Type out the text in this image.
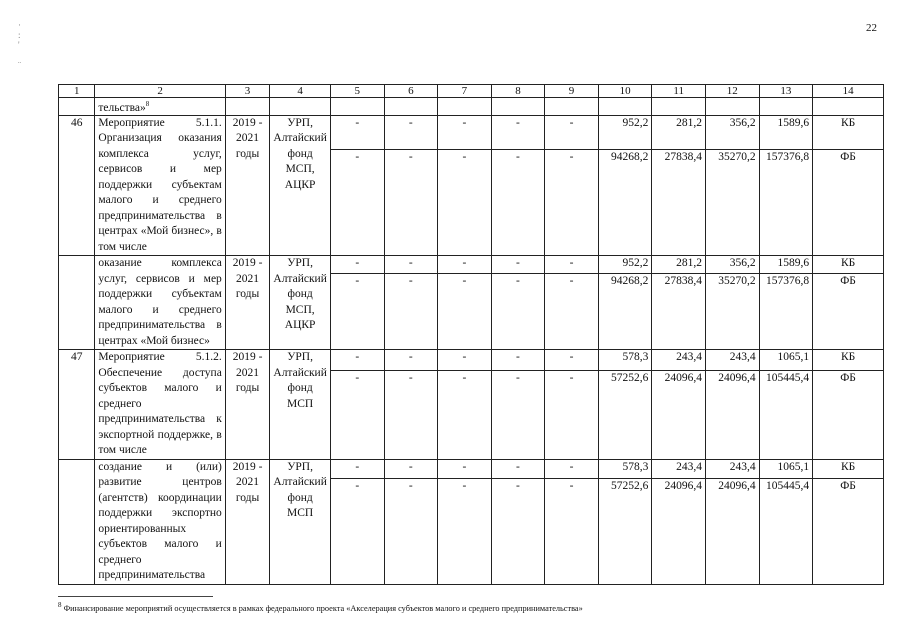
22
·
:
'

¨
1	2	3	4	5	6	7	8	9	10	11	12	13	14
	тельства»$^8$												
46	Мероприятие 5.1.1. Организация оказания комплекса услуг, сервисов и мер поддержки субъектам малого и среднего предпринимательства в центрах «Мой бизнес», в том числе	2019 - 2021 годы	УРП, Алтайский фонд МСП, АЦКР	-	-	-	-	-	952,2	281,2	356,2	1589,6	КБ
				-	-	-	-	-	94268,2	27838,4	35270,2	157376,8	ФБ
	оказание комплекса услуг, сервисов и мер поддержки субъектам малого и среднего предпринимательства в центрах «Мой бизнес»	2019 - 2021 годы	УРП, Алтайский фонд МСП, АЦКР	-	-	-	-	-	952,2	281,2	356,2	1589,6	КБ
				-	-	-	-	-	94268,2	27838,4	35270,2	157376,8	ФБ
47	Мероприятие 5.1.2. Обеспечение доступа субъектов малого и среднего предпринимательства к экспортной поддержке, в том числе	2019 - 2021 годы	УРП, Алтайский фонд МСП	-	-	-	-	-	578,3	243,4	243,4	1065,1	КБ
				-	-	-	-	-	57252,6	24096,4	24096,4	105445,4	ФБ
	создание и (или) развитие центров (агентств) координации поддержки экспортно ориентированных субъектов малого и среднего предпринимательства	2019 - 2021 годы	УРП, Алтайский фонд МСП	-	-	-	-	-	578,3	243,4	243,4	1065,1	КБ
				-	-	-	-	-	57252,6	24096,4	24096,4	105445,4	ФБ
$^8$ Финансирование мероприятий осуществляется в рамках федерального проекта «Акселерация субъектов малого и среднего предпринимательства»
